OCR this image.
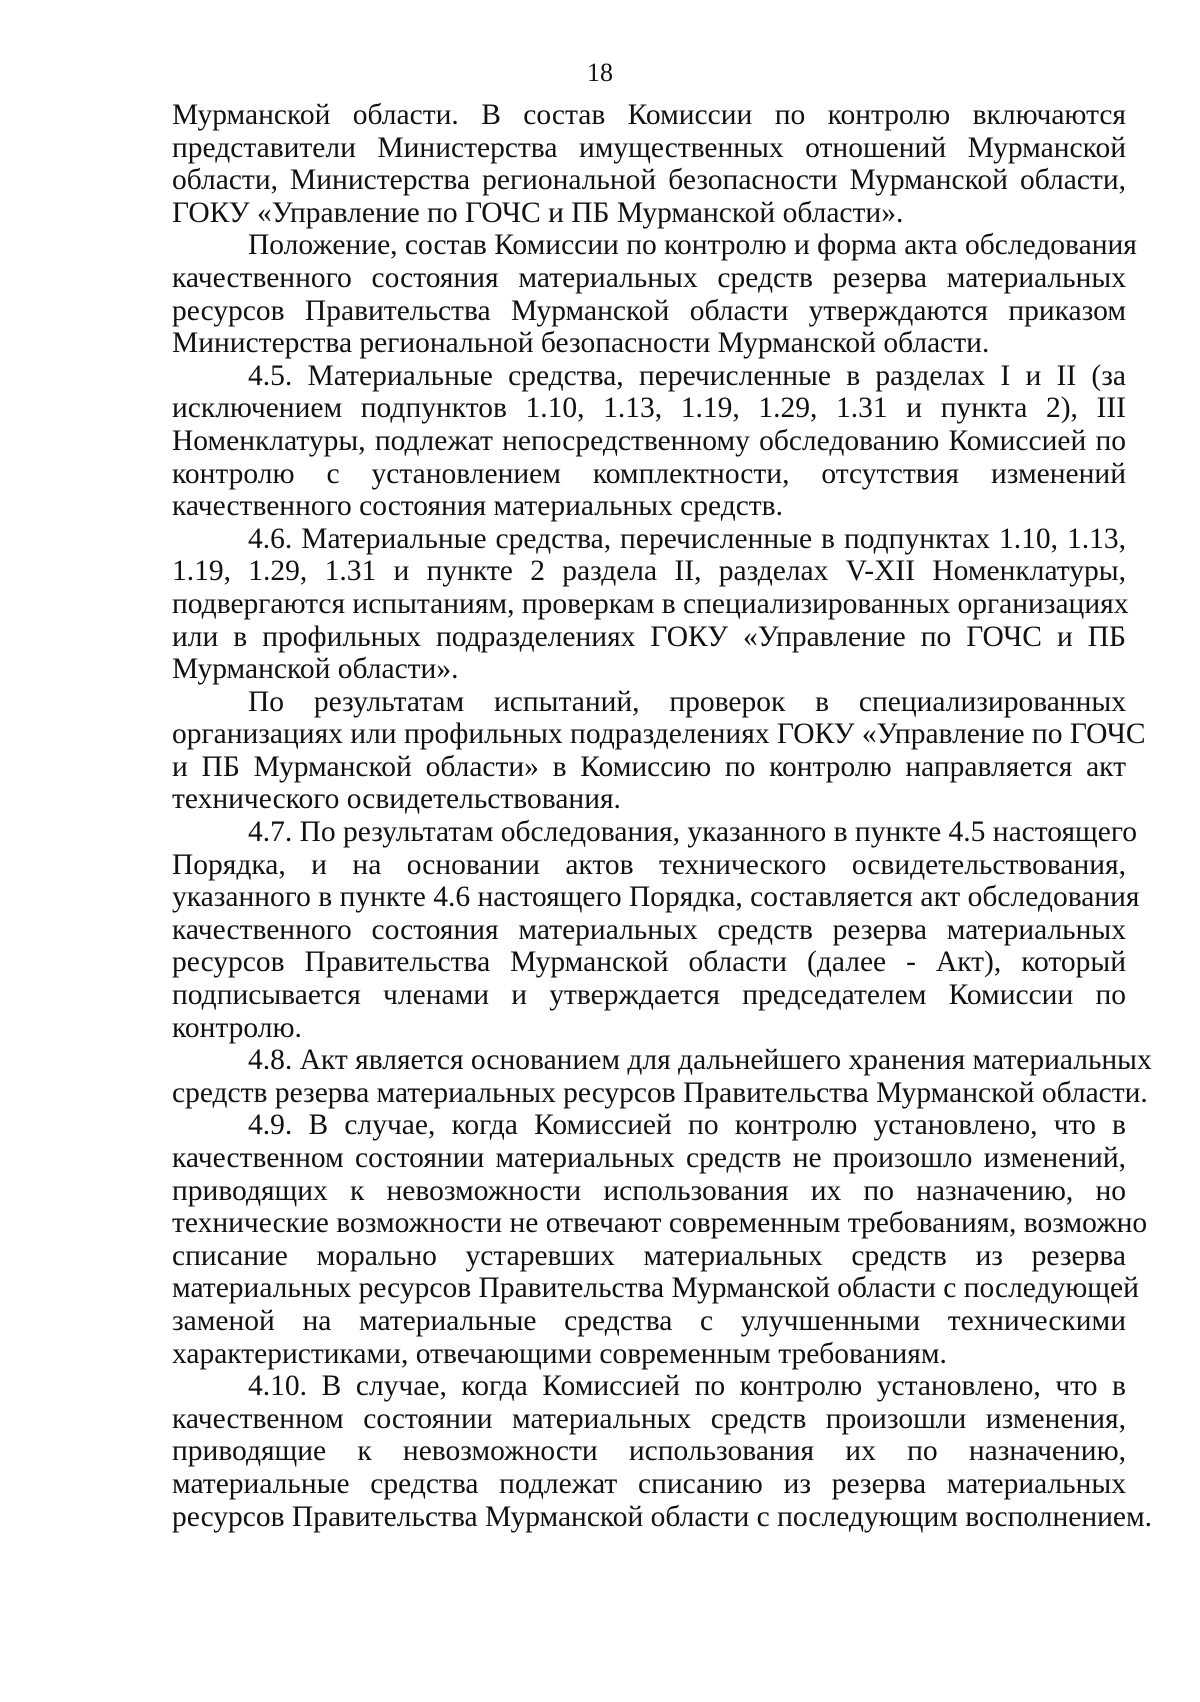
18
Мурманской области. В состав Комиссии по контролю включаются
представители Министерства имущественных отношений Мурманской
области, Министерства региональной безопасности Мурманской области,
ГОКУ «Управление по ГОЧС и ПБ Мурманской области».
Положение, состав Комиссии по контролю и форма акта обследования
качественного состояния материальных средств резерва материальных
ресурсов Правительства Мурманской области утверждаются приказом
Министерства региональной безопасности Мурманской области.
4.5. Материальные средства, перечисленные в разделах I и II (за
исключением подпунктов 1.10, 1.13, 1.19, 1.29, 1.31 и пункта 2), III
Номенклатуры, подлежат непосредственному обследованию Комиссией по
контролю с установлением комплектности, отсутствия изменений
качественного состояния материальных средств.
4.6. Материальные средства, перечисленные в подпунктах 1.10, 1.13,
1.19, 1.29, 1.31 и пункте 2 раздела II, разделах V-XII Номенклатуры,
подвергаются испытаниям, проверкам в специализированных организациях
или в профильных подразделениях ГОКУ «Управление по ГОЧС и ПБ
Мурманской области».
По результатам испытаний, проверок в специализированных
организациях или профильных подразделениях ГОКУ «Управление по ГОЧС
и ПБ Мурманской области» в Комиссию по контролю направляется акт
технического освидетельствования.
4.7. По результатам обследования, указанного в пункте 4.5 настоящего
Порядка, и на основании актов технического освидетельствования,
указанного в пункте 4.6 настоящего Порядка, составляется акт обследования
качественного состояния материальных средств резерва материальных
ресурсов Правительства Мурманской области (далее - Акт), который
подписывается членами и утверждается председателем Комиссии по
контролю.
4.8. Акт является основанием для дальнейшего хранения материальных
средств резерва материальных ресурсов Правительства Мурманской области.
4.9. В случае, когда Комиссией по контролю установлено, что в
качественном состоянии материальных средств не произошло изменений,
приводящих к невозможности использования их по назначению, но
технические возможности не отвечают современным требованиям, возможно
списание морально устаревших материальных средств из резерва
материальных ресурсов Правительства Мурманской области с последующей
заменой на материальные средства с улучшенными техническими
характеристиками, отвечающими современным требованиям.
4.10. В случае, когда Комиссией по контролю установлено, что в
качественном состоянии материальных средств произошли изменения,
приводящие к невозможности использования их по назначению,
материальные средства подлежат списанию из резерва материальных
ресурсов Правительства Мурманской области с последующим восполнением.
